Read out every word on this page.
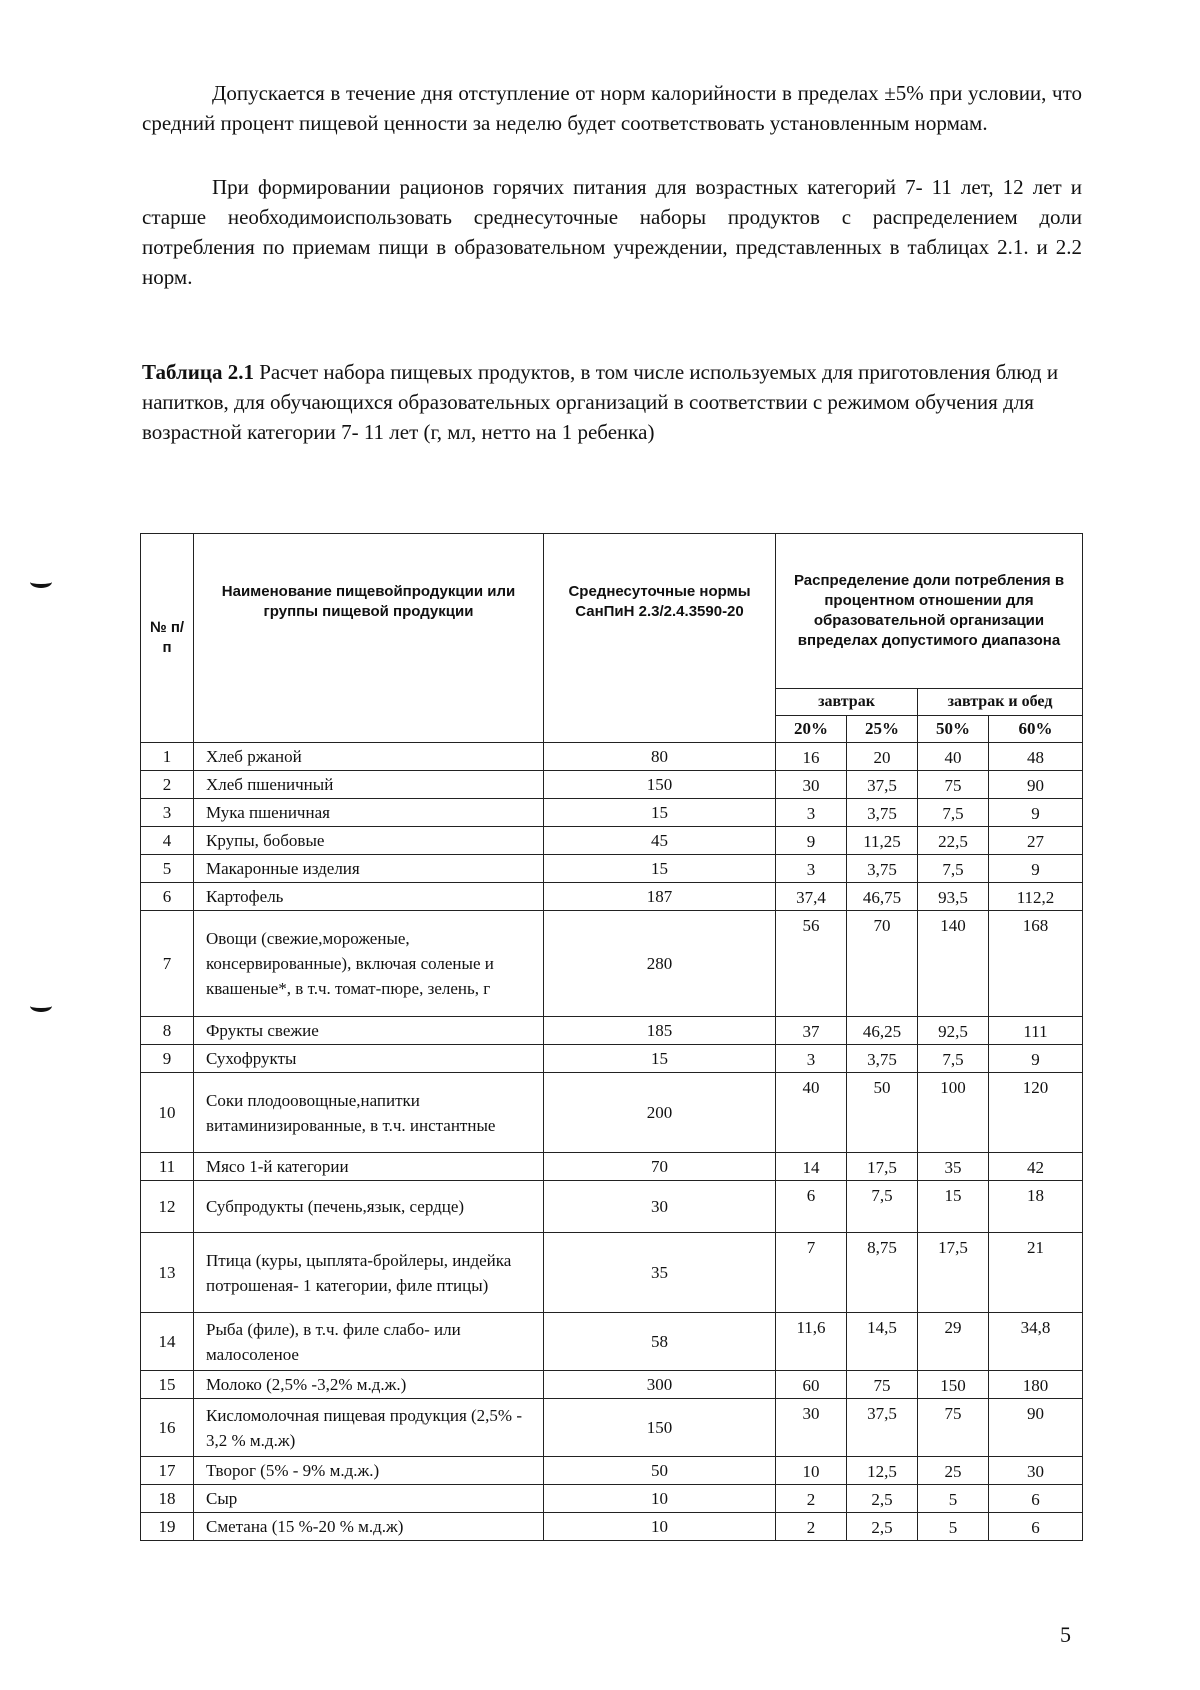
Допускается в течение дня отступление от норм калорийности в пределах ±5% при условии, что средний процент пищевой ценности за неделю будет соответствовать установленным нормам.

При формировании рационов горячих питания для возрастных категорий 7- 11 лет, 12 лет и старше необходимоиспользовать среднесуточные наборы продуктов с распределением доли потребления по приемам пищи в образовательном учреждении, представленных в таблицах 2.1. и 2.2 норм.

Таблица 2.1 Расчет набора пищевых продуктов, в том числе используемых для приготовления блюд и напитков, для обучающихся образовательных организаций в соответствии с режимом обучения для возрастной категории 7- 11 лет (г, мл, нетто на 1 ребенка)

№ п/ п	Наименование пищевойпродукции или группы пищевой продукции	Среднесуточные нормы СанПиН 2.3/2.4.3590-20	Распределение доли потребления в процентном отношении для образовательной организации впределах допустимого диапазона			
			завтрак		завтрак и обед	
			20%	25%	50%	60%
1	Хлеб ржаной	80	16	20	40	48
2	Хлеб пшеничный	150	30	37,5	75	90
3	Мука пшеничная	15	3	3,75	7,5	9
4	Крупы, бобовые	45	9	11,25	22,5	27
5	Макаронные изделия	15	3	3,75	7,5	9
6	Картофель	187	37,4	46,75	93,5	112,2
7	Овощи (свежие,мороженые, консервированные), включая соленые и квашеные*, в т.ч. томат-пюре, зелень, г	280	56	70	140	168
8	Фрукты свежие	185	37	46,25	92,5	111
9	Сухофрукты	15	3	3,75	7,5	9
10	Соки плодоовощные,напитки витаминизированные, в т.ч. инстантные	200	40	50	100	120
11	Мясо 1-й категории	70	14	17,5	35	42
12	Субпродукты (печень,язык, сердце)	30	6	7,5	15	18
13	Птица (куры, цыплята-бройлеры, индейка потрошеная- 1 категории, филе птицы)	35	7	8,75	17,5	21
14	Рыба (филе), в т.ч. филе слабо- или малосоленое	58	11,6	14,5	29	34,8
15	Молоко (2,5% -3,2% м.д.ж.)	300	60	75	150	180
16	Кисломолочная пищевая продукция (2,5% - 3,2 % м.д.ж)	150	30	37,5	75	90
17	Творог (5% - 9% м.д.ж.)	50	10	12,5	25	30
18	Сыр	10	2	2,5	5	6
19	Сметана (15 %-20 % м.д.ж)	10	2	2,5	5	6
5
